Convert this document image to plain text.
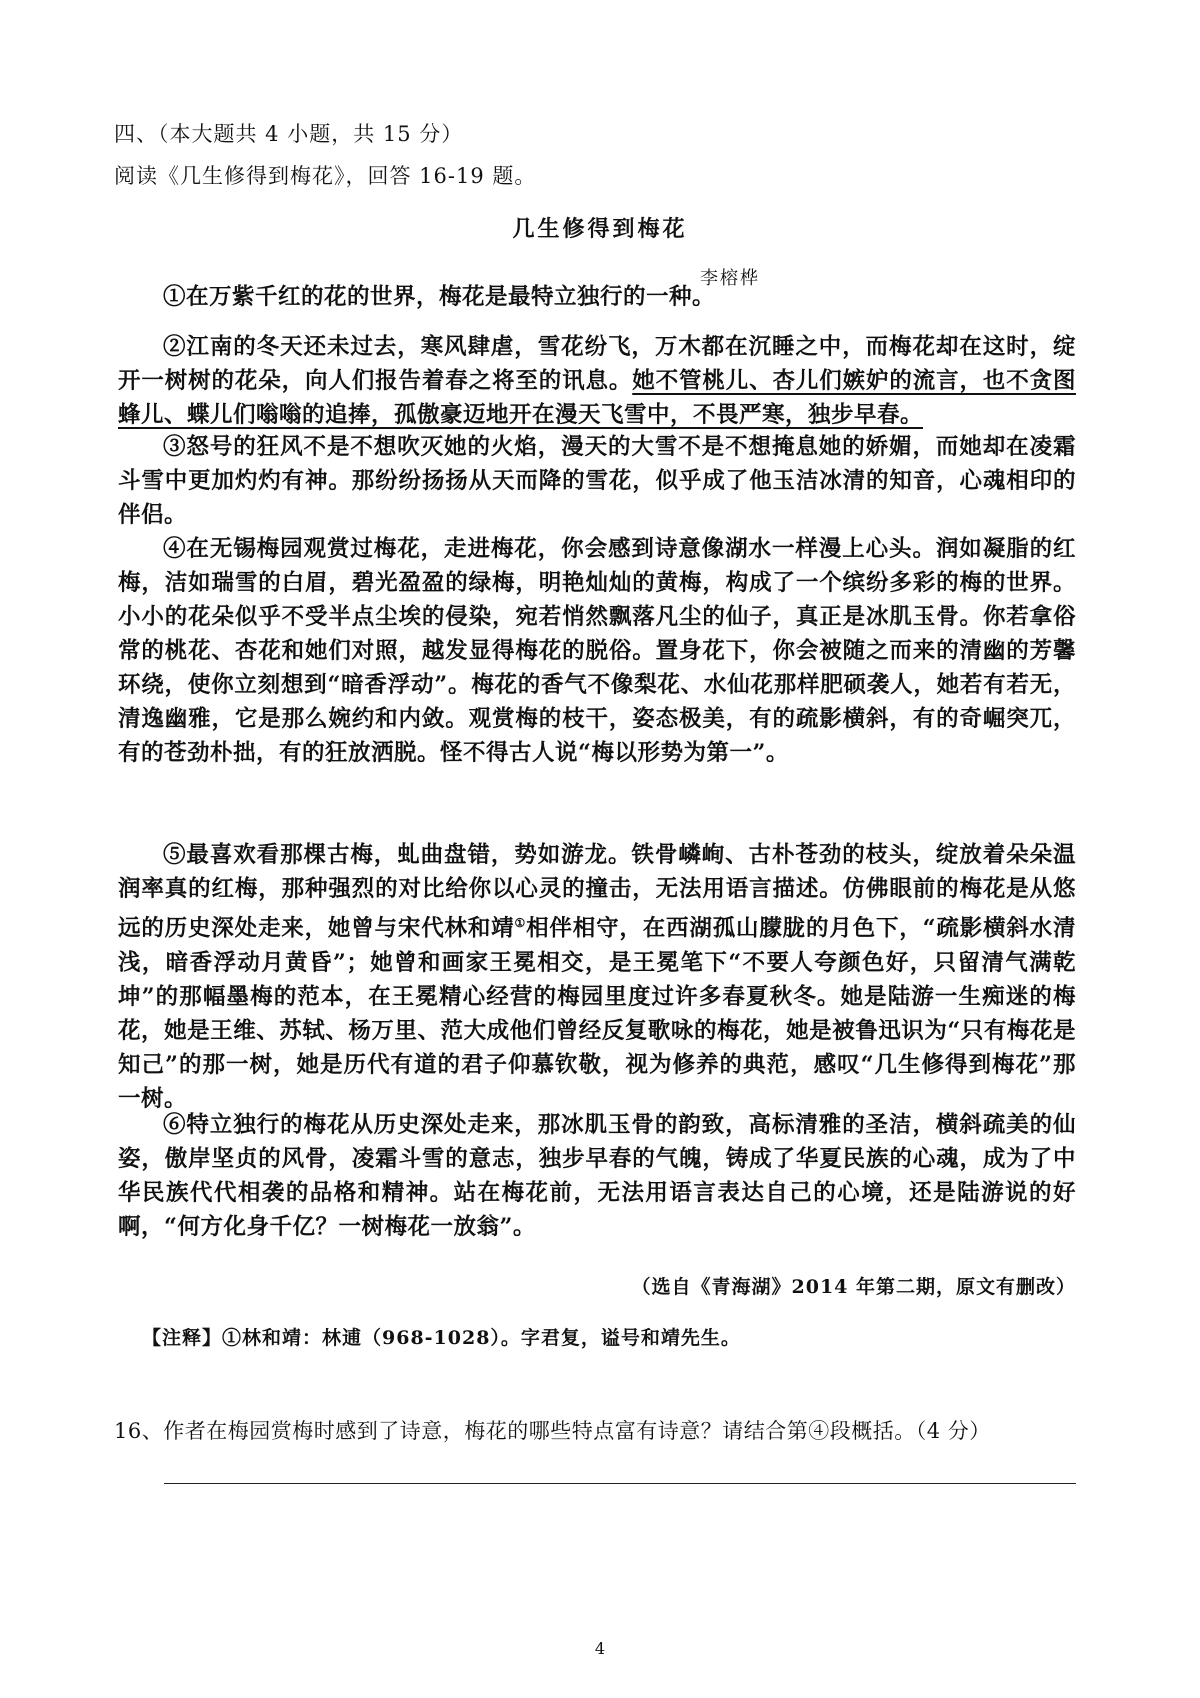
四、（本大题共 4 小题，共 15 分）
阅读《几生修得到梅花》，回答 16-19 题。
几生修得到梅花
李榕桦

①在万紫千红的花的世界，梅花是最特立独行的一种。

②江南的冬天还未过去，寒风肆虐，雪花纷飞，万木都在沉睡之中，而梅花却在这时，绽开一树树的花朵，向人们报告着春之将至的讯息。她不管桃儿、杏儿们嫉妒的流言，也不贪图蜂儿、蝶儿们嗡嗡的追捧，孤傲豪迈地开在漫天飞雪中，不畏严寒，独步早春。

③怒号的狂风不是不想吹灭她的火焰，漫天的大雪不是不想掩息她的娇媚，而她却在凌霜斗雪中更加灼灼有神。那纷纷扬扬从天而降的雪花，似乎成了他玉洁冰清的知音，心魂相印的伴侣。

④在无锡梅园观赏过梅花，走进梅花，你会感到诗意像湖水一样漫上心头。润如凝脂的红梅，洁如瑞雪的白眉，碧光盈盈的绿梅，明艳灿灿的黄梅，构成了一个缤纷多彩的梅的世界。小小的花朵似乎不受半点尘埃的侵染，宛若悄然飘落凡尘的仙子，真正是冰肌玉骨。你若拿俗常的桃花、杏花和她们对照，越发显得梅花的脱俗。置身花下，你会被随之而来的清幽的芳馨环绕，使你立刻想到“暗香浮动”。梅花的香气不像梨花、水仙花那样肥硕袭人，她若有若无，清逸幽雅，它是那么婉约和内敛。观赏梅的枝干，姿态极美，有的疏影横斜，有的奇崛突兀，有的苍劲朴拙，有的狂放洒脱。怪不得古人说“梅以形势为第一”。

⑤最喜欢看那棵古梅，虬曲盘错，势如游龙。铁骨嶙峋、古朴苍劲的枝头，绽放着朵朵温润率真的红梅，那种强烈的对比给你以心灵的撞击，无法用语言描述。仿佛眼前的梅花是从悠远的历史深处走来，她曾与宋代林和靖①相伴相守，在西湖孤山朦胧的月色下，“疏影横斜水清浅，暗香浮动月黄昏”；她曾和画家王冕相交，是王冕笔下“不要人夸颜色好，只留清气满乾坤”的那幅墨梅的范本，在王冕精心经营的梅园里度过许多春夏秋冬。她是陆游一生痴迷的梅花，她是王维、苏轼、杨万里、范大成他们曾经反复歌咏的梅花，她是被鲁迅识为“只有梅花是知己”的那一树，她是历代有道的君子仰慕钦敬，视为修养的典范，感叹“几生修得到梅花”那一树。

⑥特立独行的梅花从历史深处走来，那冰肌玉骨的韵致，高标清雅的圣洁，横斜疏美的仙姿，傲岸坚贞的风骨，凌霜斗雪的意志，独步早春的气魄，铸成了华夏民族的心魂，成为了中华民族代代相袭的品格和精神。站在梅花前，无法用语言表达自己的心境，还是陆游说的好啊，“何方化身千亿？一树梅花一放翁”。

（选自《青海湖》2014 年第二期，原文有删改）
【注释】①林和靖：林逋（968-1028）。字君复，谥号和靖先生。
16、作者在梅园赏梅时感到了诗意，梅花的哪些特点富有诗意？请结合第④段概括。（4 分）
4
